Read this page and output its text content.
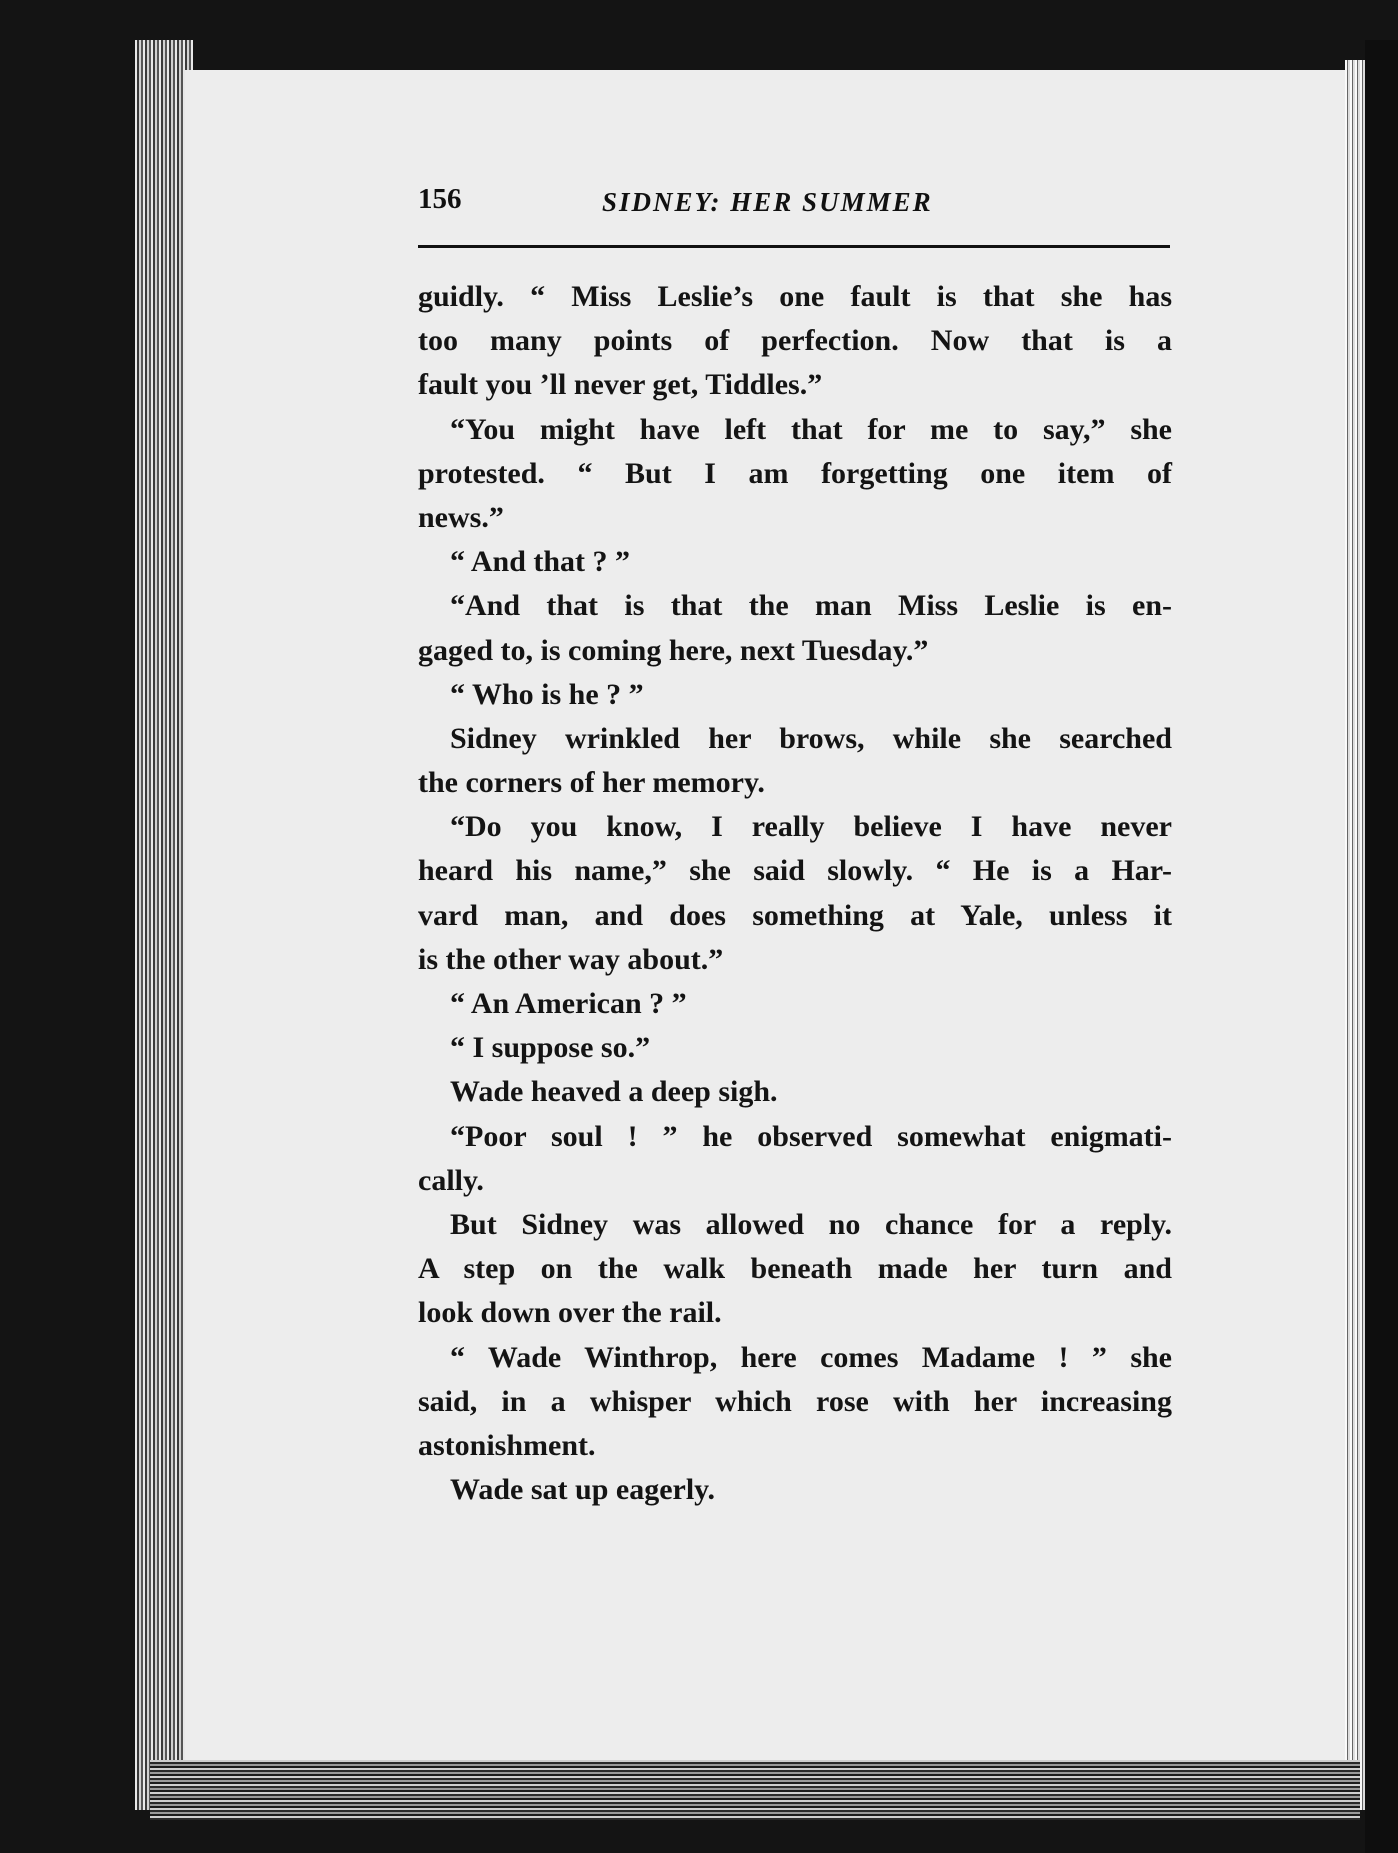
156	SIDNEY: HER SUMMER
guidly. “ Miss Leslie’s one fault is that she has
too many points of perfection. Now that is a
fault you ’ll never get, Tiddles.”
“You might have left that for me to say,” she
protested. “ But I am forgetting one item of
news.”
“ And that ? ”
“And that is that the man Miss Leslie is en-
gaged to, is coming here, next Tuesday.”
“ Who is he ? ”
Sidney wrinkled her brows, while she searched
the corners of her memory.
“Do you know, I really believe I have never
heard his name,” she said slowly. “ He is a Har-
vard man, and does something at Yale, unless it
is the other way about.”
“ An American ? ”
“ I suppose so.”
Wade heaved a deep sigh.
“Poor soul ! ” he observed somewhat enigmati-
cally.
But Sidney was allowed no chance for a reply.
A step on the walk beneath made her turn and
look down over the rail.
“ Wade Winthrop, here comes Madame ! ” she
said, in a whisper which rose with her increasing
astonishment.
Wade sat up eagerly.
